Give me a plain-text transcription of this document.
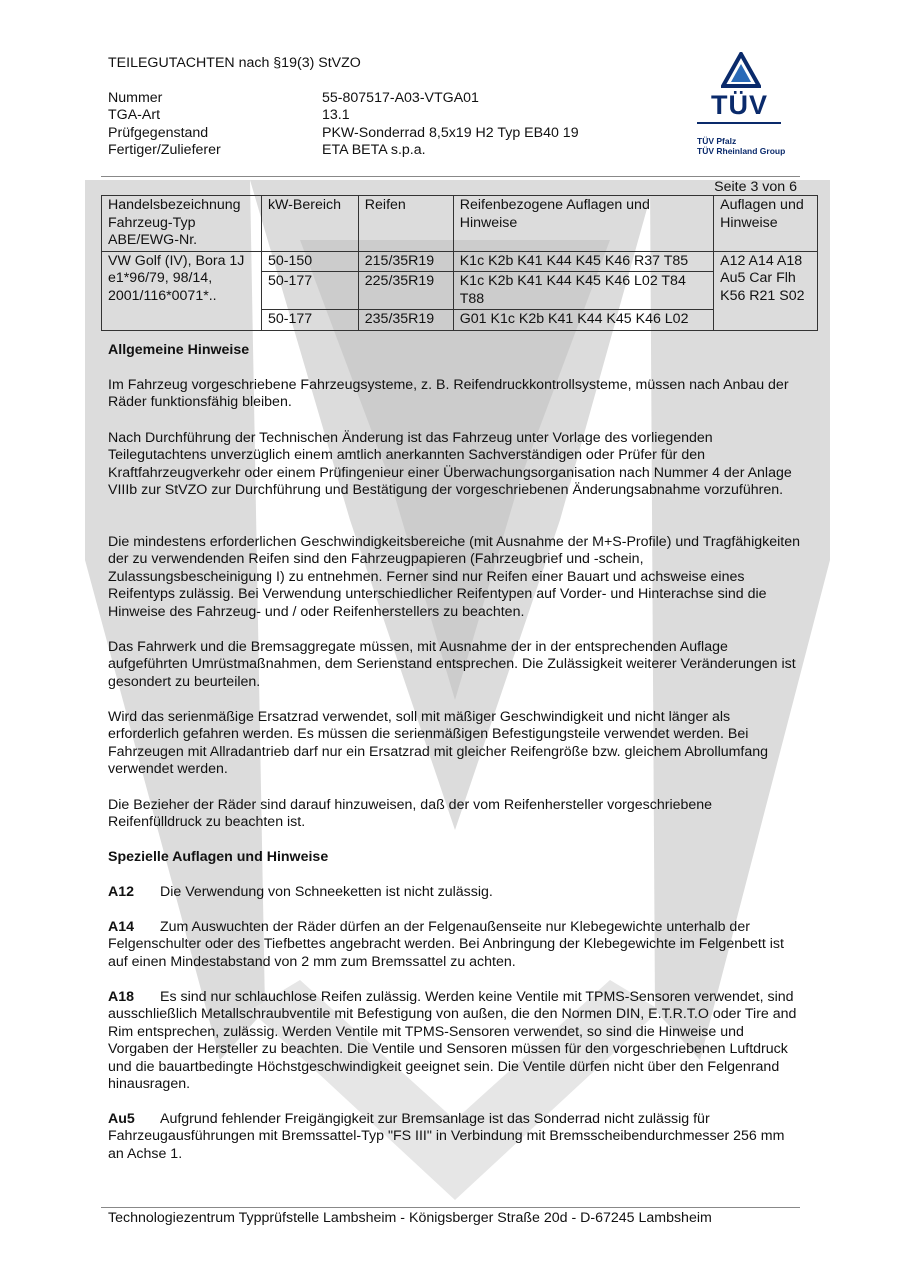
TEILEGUTACHTEN nach §19(3) StVZO
Nummer	55-807517-A03-VTGA01
TGA-Art	13.1
Prüfgegenstand	PKW-Sonderrad 8,5x19 H2 Typ EB40 19
Fertiger/Zulieferer	ETA BETA s.p.a.
TÜV
TÜV Pfalz
TÜV Rheinland Group
Seite 3 von 6
Handelsbezeichnung Fahrzeug-Typ ABE/EWG-Nr.	kW-Bereich	Reifen	Reifenbezogene Auflagen und Hinweise	Auflagen und Hinweise
VW Golf (IV), Bora 1J e1*96/79, 98/14, 2001/116*0071*..	50-150	215/35R19	K1c K2b K41 K44 K45 K46 R37 T85	A12 A14 A18 Au5 Car Flh K56 R21 S02
	50-177	225/35R19	K1c K2b K41 K44 K45 K46 L02 T84 T88	
	50-177	235/35R19	G01 K1c K2b K41 K44 K45 K46 L02	
Allgemeine Hinweise
Im Fahrzeug vorgeschriebene Fahrzeugsysteme, z. B. Reifendruckkontrollsysteme, müssen nach Anbau der Räder funktionsfähig bleiben.
Nach Durchführung der Technischen Änderung ist das Fahrzeug unter Vorlage des vorliegenden Teilegutachtens unverzüglich einem amtlich anerkannten Sachverständigen oder Prüfer für den Kraftfahrzeugverkehr oder einem Prüfingenieur einer Überwachungsorganisation nach Nummer 4 der Anlage VIIIb zur StVZO zur Durchführung und Bestätigung der vorgeschriebenen Änderungsabnahme vorzuführen.
Die mindestens erforderlichen Geschwindigkeitsbereiche (mit Ausnahme der M+S-Profile) und Tragfähigkeiten der zu verwendenden Reifen sind den Fahrzeugpapieren (Fahrzeugbrief und -schein, Zulassungsbescheinigung I) zu entnehmen. Ferner sind nur Reifen einer Bauart und achsweise eines Reifentyps zulässig. Bei Verwendung unterschiedlicher Reifentypen auf Vorder- und Hinterachse sind die Hinweise des Fahrzeug- und / oder Reifenherstellers zu beachten.
Das Fahrwerk und die Bremsaggregate müssen, mit Ausnahme der in der entsprechenden Auflage aufgeführten Umrüstmaßnahmen, dem Serienstand entsprechen. Die Zulässigkeit weiterer Veränderungen ist gesondert zu beurteilen.
Wird das serienmäßige Ersatzrad verwendet, soll mit mäßiger Geschwindigkeit und nicht länger als erforderlich gefahren werden. Es müssen die serienmäßigen Befestigungsteile verwendet werden. Bei Fahrzeugen mit Allradantrieb darf nur ein Ersatzrad mit gleicher Reifengröße bzw. gleichem Abrollumfang verwendet werden.
Die Bezieher der Räder sind darauf hinzuweisen, daß der vom Reifenhersteller vorgeschriebene Reifenfülldruck zu beachten ist.
Spezielle Auflagen und Hinweise
A12 Die Verwendung von Schneeketten ist nicht zulässig.
A14 Zum Auswuchten der Räder dürfen an der Felgenaußenseite nur Klebegewichte unterhalb der Felgenschulter oder des Tiefbettes angebracht werden. Bei Anbringung der Klebegewichte im Felgenbett ist auf einen Mindestabstand von 2 mm zum Bremssattel zu achten.
A18 Es sind nur schlauchlose Reifen zulässig. Werden keine Ventile mit TPMS-Sensoren verwendet, sind ausschließlich Metallschraubventile mit Befestigung von außen, die den Normen DIN, E.T.R.T.O oder Tire and Rim entsprechen, zulässig. Werden Ventile mit TPMS-Sensoren verwendet, so sind die Hinweise und Vorgaben der Hersteller zu beachten. Die Ventile und Sensoren müssen für den vorgeschriebenen Luftdruck und die bauartbedingte Höchstgeschwindigkeit geeignet sein. Die Ventile dürfen nicht über den Felgenrand hinausragen.
Au5 Aufgrund fehlender Freigängigkeit zur Bremsanlage ist das Sonderrad nicht zulässig für Fahrzeugausführungen mit Bremssattel-Typ "FS III" in Verbindung mit Bremsscheibendurchmesser 256 mm an Achse 1.
Technologiezentrum Typprüfstelle Lambsheim - Königsberger Straße 20d - D-67245 Lambsheim
